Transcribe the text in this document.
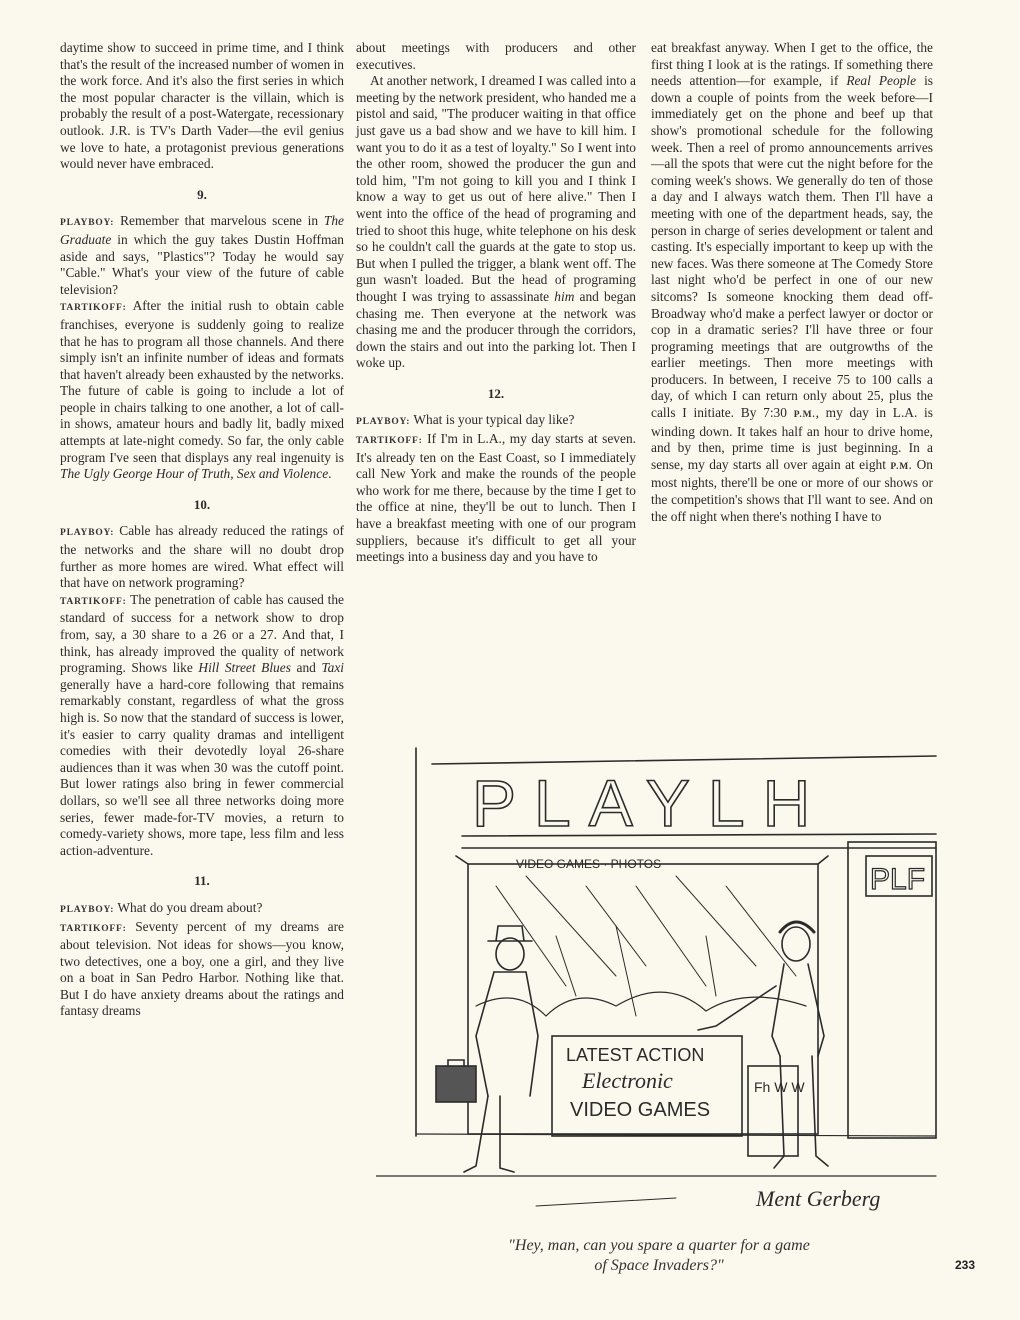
daytime show to succeed in prime time, and I think that's the result of the increased number of women in the work force. And it's also the first series in which the most popular character is the villain, which is probably the result of a post-Watergate, recessionary outlook. J.R. is TV's Darth Vader—the evil genius we love to hate, a protagonist previous generations would never have embraced.

9.

PLAYBOY: Remember that marvelous scene in The Graduate in which the guy takes Dustin Hoffman aside and says, "Plastics"? Today he would say "Cable." What's your view of the future of cable television?

TARTIKOFF: After the initial rush to obtain cable franchises, everyone is suddenly going to realize that he has to program all those channels. And there simply isn't an infinite number of ideas and formats that haven't already been exhausted by the networks. The future of cable is going to include a lot of people in chairs talking to one another, a lot of call-in shows, amateur hours and badly lit, badly mixed attempts at late-night comedy. So far, the only cable program I've seen that displays any real ingenuity is The Ugly George Hour of Truth, Sex and Violence.

10.

PLAYBOY: Cable has already reduced the ratings of the networks and the share will no doubt drop further as more homes are wired. What effect will that have on network programing?

TARTIKOFF: The penetration of cable has caused the standard of success for a network show to drop from, say, a 30 share to a 26 or a 27. And that, I think, has already improved the quality of network programing. Shows like Hill Street Blues and Taxi generally have a hard-core following that remains remarkably constant, regardless of what the gross high is. So now that the standard of success is lower, it's easier to carry quality dramas and intelligent comedies with their devotedly loyal 26-share audiences than it was when 30 was the cutoff point. But lower ratings also bring in fewer commercial dollars, so we'll see all three networks doing more series, fewer made-for-TV movies, a return to comedy-variety shows, more tape, less film and less action-adventure.

11.

PLAYBOY: What do you dream about?

TARTIKOFF: Seventy percent of my dreams are about television. Not ideas for shows—you know, two detectives, one a boy, one a girl, and they live on a boat in San Pedro Harbor. Nothing like that. But I do have anxiety dreams about the ratings and fantasy dreams

about meetings with producers and other executives.

At another network, I dreamed I was called into a meeting by the network president, who handed me a pistol and said, "The producer waiting in that office just gave us a bad show and we have to kill him. I want you to do it as a test of loyalty." So I went into the other room, showed the producer the gun and told him, "I'm not going to kill you and I think I know a way to get us out of here alive." Then I went into the office of the head of programing and tried to shoot this huge, white telephone on his desk so he couldn't call the guards at the gate to stop us. But when I pulled the trigger, a blank went off. The gun wasn't loaded. But the head of programing thought I was trying to assassinate him and began chasing me. Then everyone at the network was chasing me and the producer through the corridors, down the stairs and out into the parking lot. Then I woke up.

12.

PLAYBOY: What is your typical day like?

TARTIKOFF: If I'm in L.A., my day starts at seven. It's already ten on the East Coast, so I immediately call New York and make the rounds of the people who work for me there, because by the time I get to the office at nine, they'll be out to lunch. Then I have a breakfast meeting with one of our program suppliers, because it's difficult to get all your meetings into a business day and you have to

eat breakfast anyway. When I get to the office, the first thing I look at is the ratings. If something there needs attention—for example, if Real People is down a couple of points from the week before—I immediately get on the phone and beef up that show's promotional schedule for the following week. Then a reel of promo announcements arrives—all the spots that were cut the night before for the coming week's shows. We generally do ten of those a day and I always watch them. Then I'll have a meeting with one of the department heads, say, the person in charge of series development or talent and casting. It's especially important to keep up with the new faces. Was there someone at The Comedy Store last night who'd be perfect in one of our new sitcoms? Is someone knocking them dead off-Broadway who'd make a perfect lawyer or doctor or cop in a dramatic series? I'll have three or four programing meetings that are outgrowths of the earlier meetings. Then more meetings with producers. In between, I receive 75 to 100 calls a day, of which I can return only about 25, plus the calls I initiate. By 7:30 P.M., my day in L.A. is winding down. It takes half an hour to drive home, and by then, prime time is just beginning. In a sense, my day starts all over again at eight P.M. On most nights, there'll be one or more of our shows or the competition's shows that I'll want to see. And on the off night when there's nothing I have to

PLAYLH
PLF
VIDEO GAMES · PHOTOS
LATEST ACTION
Electronic
VIDEO GAMES
Fh W W
Ment Gerberg
"Hey, man, can you spare a quarter for a game
of Space Invaders?"	233
